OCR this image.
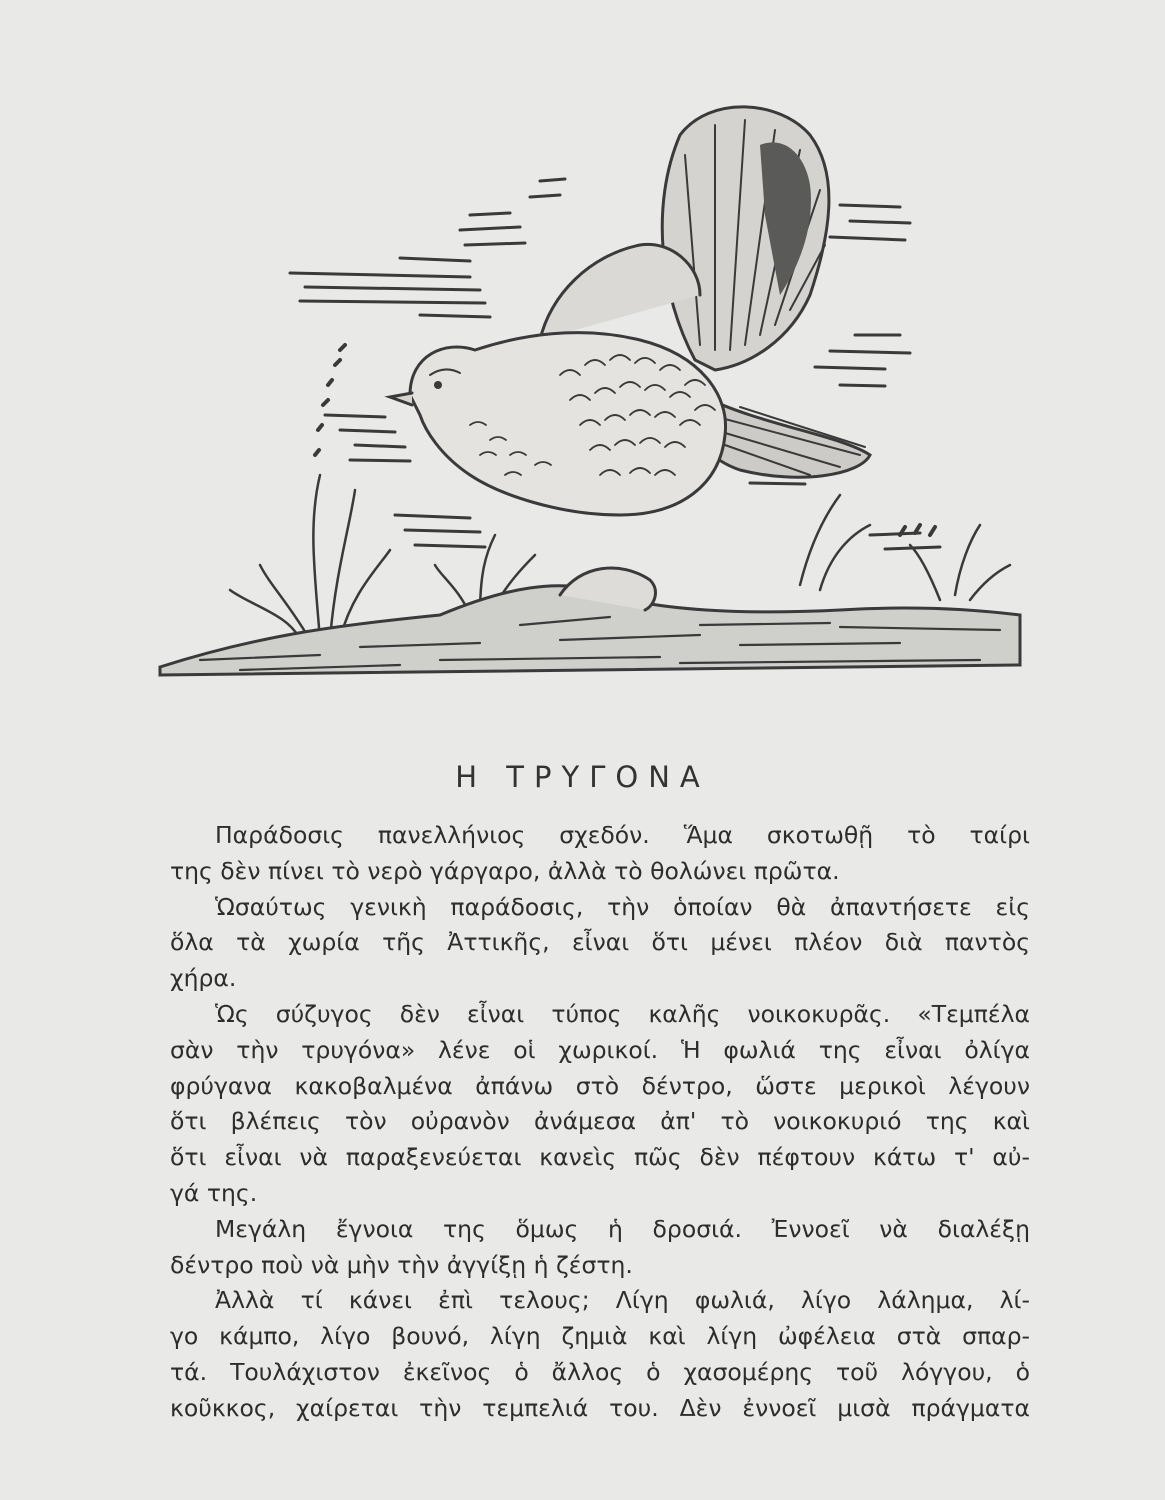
Η ΤΡΥΓΟΝΑ
Παράδοσις πανελλήνιος σχεδόν. Ἅμα σκοτωθῇ τὸ ταίρι
της δὲν πίνει τὸ νερὸ γάργαρο, ἀλλὰ τὸ θολώνει πρῶτα.
Ὡσαύτως γενικὴ παράδοσις, τὴν ὁποίαν θὰ ἀπαντήσετε εἰς
ὅλα τὰ χωρία τῆς Ἀττικῆς, εἶναι ὅτι μένει πλέον διὰ παντὸς
χήρα.
Ὡς σύζυγος δὲν εἶναι τύπος καλῆς νοικοκυρᾶς. «Τεμπέλα
σὰν τὴν τρυγόνα» λένε οἱ χωρικοί. Ἡ φωλιά της εἶναι ὀλίγα
φρύγανα κακοβαλμένα ἀπάνω στὸ δέντρο, ὥστε μερικοὶ λέγουν
ὅτι βλέπεις τὸν οὐρανὸν ἀνάμεσα ἀπ' τὸ νοικοκυριό της καὶ
ὅτι εἶναι νὰ παραξενεύεται κανεὶς πῶς δὲν πέφτουν κάτω τ' αὐ-
γά της.
Μεγάλη ἔγνοια της ὅμως ἡ δροσιά. Ἐννοεῖ νὰ διαλέξῃ
δέντρο ποὺ νὰ μὴν τὴν ἀγγίξῃ ἡ ζέστη.
Ἀλλὰ τί κάνει ἐπὶ τελους; Λίγη φωλιά, λίγο λάλημα, λί-
γο κάμπο, λίγο βουνό, λίγη ζημιὰ καὶ λίγη ὠφέλεια στὰ σπαρ-
τά. Τουλάχιστον ἐκεῖνος ὁ ἄλλος ὁ χασομέρης τοῦ λόγγου, ὁ
κοῦκκος, χαίρεται τὴν τεμπελιά του. Δὲν ἐννοεῖ μισὰ πράγματα
